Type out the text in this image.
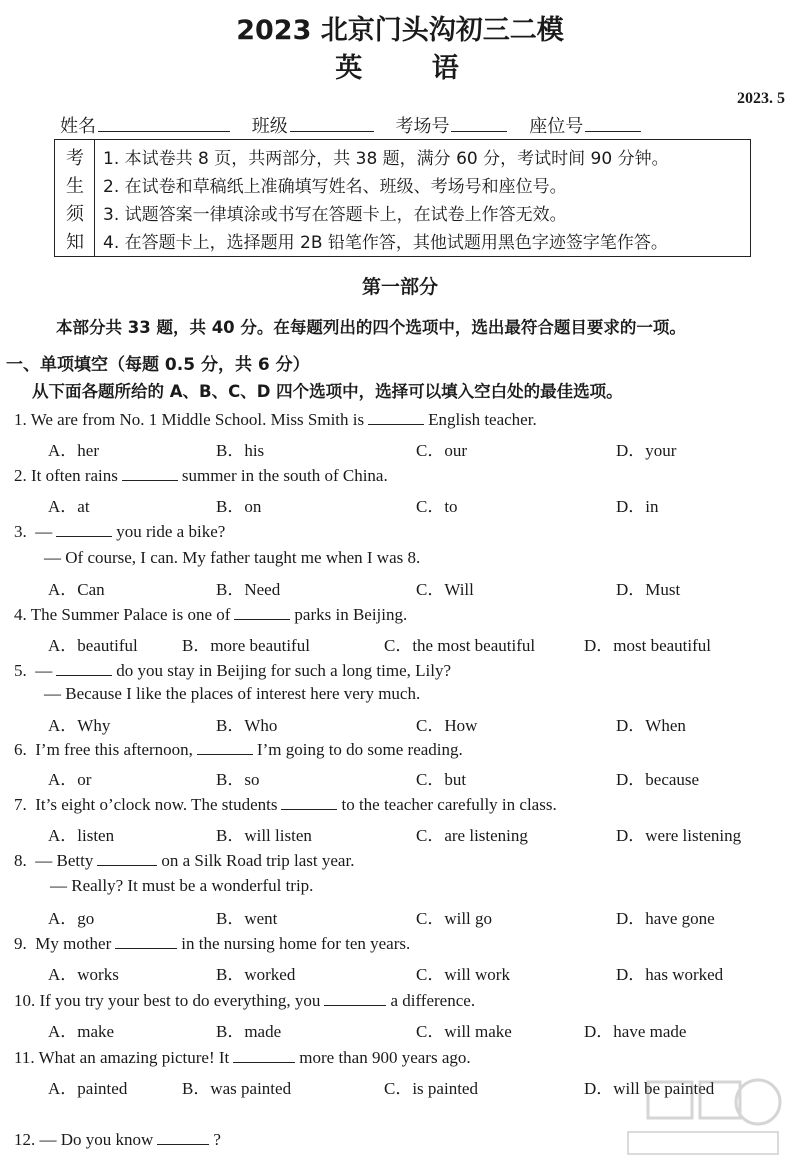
2023 北京门头沟初三二模
英 语
2023. 5
姓名	班级	考场号	座位号
考
生
须
知
1. 本试卷共 8 页，共两部分，共 38 题，满分 60 分，考试时间 90 分钟。
2. 在试卷和草稿纸上准确填写姓名、班级、考场号和座位号。
3. 试题答案一律填涂或书写在答题卡上，在试卷上作答无效。
4. 在答题卡上，选择题用 2B 铅笔作答，其他试题用黑色字迹签字笔作答。
第一部分
本部分共 33 题，共 40 分。在每题列出的四个选项中，选出最符合题目要求的一项。
一、单项填空（每题 0.5 分，共 6 分）
从下面各题所给的 A、B、C、D 四个选项中，选择可以填入空白处的最佳选项。
1. We are from No. 1 Middle School. Miss Smith is	English teacher.
A．her	B．his	C．our	D．your
2. It often rains	summer in the south of China.
A．at	B．on	C．to	D．in
3. —	you ride a bike?
— Of course, I can. My father taught me when I was 8.
A．Can	B．Need	C．Will	D．Must
4. The Summer Palace is one of	parks in Beijing.
A．beautiful	B．more beautiful	C．the most beautiful	D．most beautiful
5. —	do you stay in Beijing for such a long time, Lily?
— Because I like the places of interest here very much.
A．Why	B．Who	C．How	D．When
6. I’m free this afternoon,	I’m going to do some reading.
A．or	B．so	C．but	D．because
7. It’s eight o’clock now. The students	to the teacher carefully in class.
A．listen	B．will listen	C．are listening	D．were listening
8. — Betty	on a Silk Road trip last year.
— Really? It must be a wonderful trip.
A．go	B．went	C．will go	D．have gone
9. My mother	in the nursing home for ten years.
A．works	B．worked	C．will work	D．has worked
10. If you try your best to do everything, you	a difference.
A．make	B．made	C．will make	D．have made
11. What an amazing picture! It	more than 900 years ago.
A．painted	B．was painted	C．is painted	D．will be painted
12. — Do you know	?
